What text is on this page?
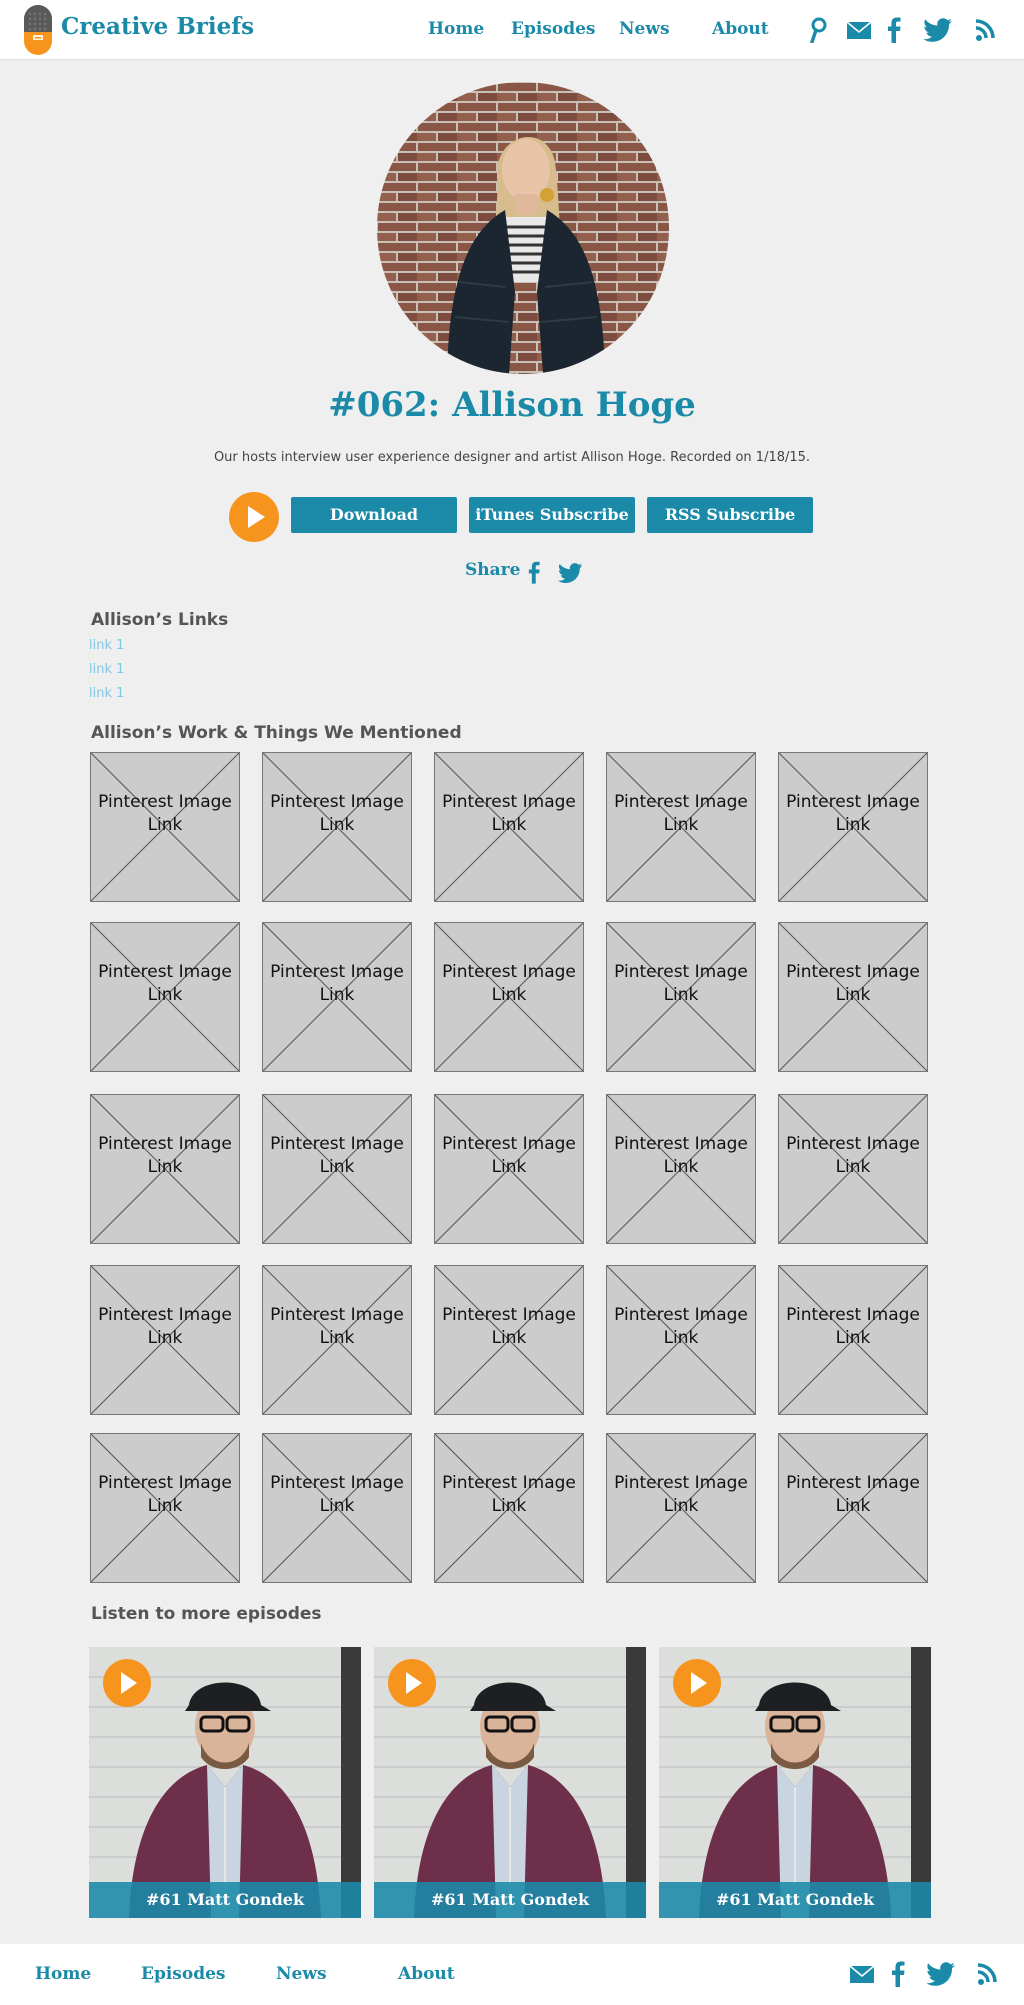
Creative Briefs	Home Episodes News About
#062: Allison Hoge
Our hosts interview user experience designer and artist Allison Hoge. Recorded on 1/18/15.
Download	iTunes Subscribe	RSS Subscribe
Share
Allison’s Links
link 1
link 1
link 1
Allison’s Work & Things We Mentioned
Pinterest Image Link
Pinterest Image Link
Pinterest Image Link
Pinterest Image Link
Pinterest Image Link
Pinterest Image Link
Pinterest Image Link
Pinterest Image Link
Pinterest Image Link
Pinterest Image Link
Pinterest Image Link
Pinterest Image Link
Pinterest Image Link
Pinterest Image Link
Pinterest Image Link
Pinterest Image Link
Pinterest Image Link
Pinterest Image Link
Pinterest Image Link
Pinterest Image Link
Pinterest Image Link
Pinterest Image Link
Pinterest Image Link
Pinterest Image Link
Pinterest Image Link
Listen to more episodes
#61 Matt Gondek	#61 Matt Gondek	#61 Matt Gondek
Home	Episodes	News	About
